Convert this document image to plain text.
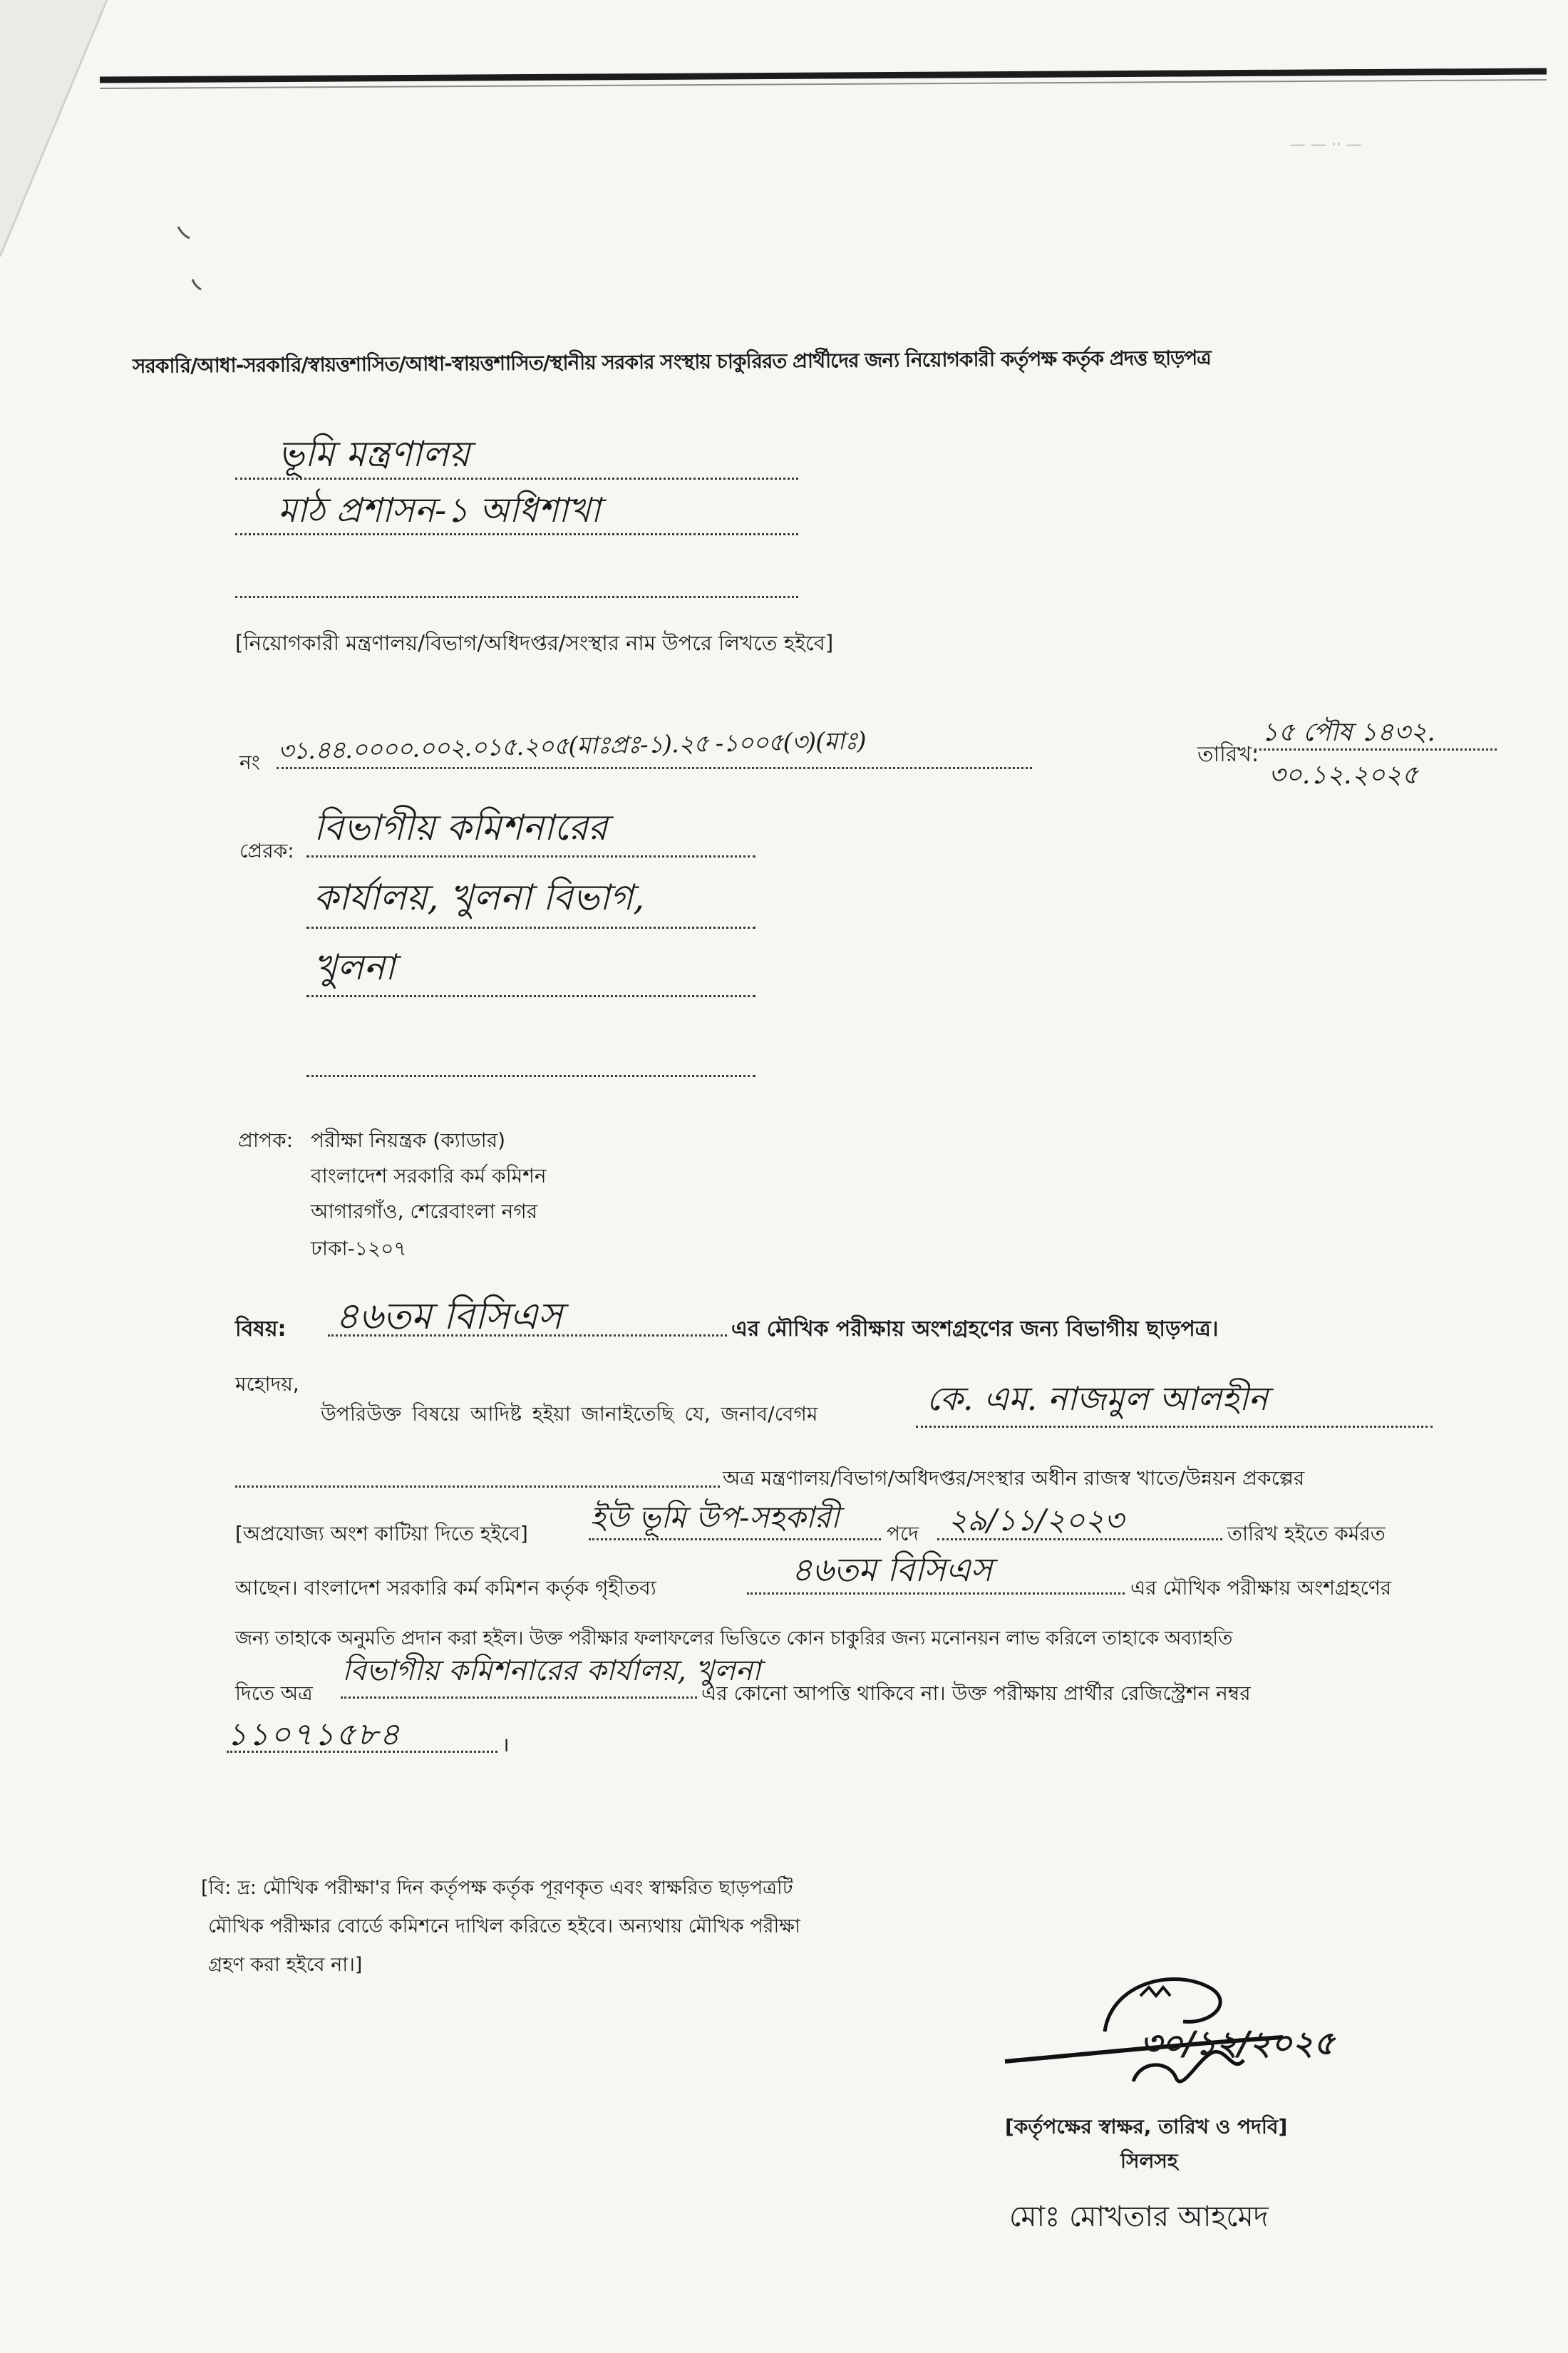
— — ·· —
সরকারি/আধা-সরকারি/স্বায়ত্তশাসিত/আধা-স্বায়ত্তশাসিত/স্থানীয় সরকার সংস্থায় চাকুরিরত প্রার্থীদের জন্য নিয়োগকারী কর্তৃপক্ষ কর্তৃক প্রদত্ত ছাড়পত্র
ভূমি মন্ত্রণালয়
মাঠ প্রশাসন-১ অধিশাখা
[নিয়োগকারী মন্ত্রণালয়/বিভাগ/অধিদপ্তর/সংস্থার নাম উপরে লিখতে হইবে]
নং ৩১.৪৪.০০০০.০০২.০১৫.২০৫(মাঃপ্রঃ-১).২৫ -১০০৫(৩)(মাঃ)	তারিখ:
১৫ পৌষ ১৪৩২.
৩০.১২.২০২৫
প্রেরক:
বিভাগীয় কমিশনারের
কার্যালয়, খুলনা বিভাগ,
খুলনা
প্রাপক: পরীক্ষা নিয়ন্ত্রক (ক্যাডার)
বাংলাদেশ সরকারি কর্ম কমিশন
আগারগাঁও, শেরেবাংলা নগর
ঢাকা-১২০৭
বিষয়: ৪৬তম বিসিএস	এর মৌখিক পরীক্ষায় অংশগ্রহণের জন্য বিভাগীয় ছাড়পত্র।
মহোদয়,
উপরিউক্ত বিষয়ে আদিষ্ট হইয়া জানাইতেছি যে, জনাব/বেগম	কে. এম. নাজমুল আলহীন
অত্র মন্ত্রণালয়/বিভাগ/অধিদপ্তর/সংস্থার অধীন রাজস্ব খাতে/উন্নয়ন প্রকল্পের
[অপ্রযোজ্য অংশ কাটিয়া দিতে হইবে] ইউ ভূমি উপ-সহকারী পদে ২৯/১১/২০২৩	তারিখ হইতে কর্মরত
আছেন। বাংলাদেশ সরকারি কর্ম কমিশন কর্তৃক গৃহীতব্য	৪৬তম বিসিএস	এর মৌখিক পরীক্ষায় অংশগ্রহণের
জন্য তাহাকে অনুমতি প্রদান করা হইল। উক্ত পরীক্ষার ফলাফলের ভিত্তিতে কোন চাকুরির জন্য মনোনয়ন লাভ করিলে তাহাকে অব্যাহতি
দিতে অত্র
বিভাগীয় কমিশনারের কার্যালয়, খুলনা
এর কোনো আপত্তি থাকিবে না। উক্ত পরীক্ষায় প্রার্থীর রেজিস্ট্রেশন নম্বর
১১০৭১৫৮৪	।
[বি: দ্র: মৌখিক পরীক্ষা'র দিন কর্তৃপক্ষ কর্তৃক পূরণকৃত এবং স্বাক্ষরিত ছাড়পত্রটি
মৌখিক পরীক্ষার বোর্ডে কমিশনে দাখিল করিতে হইবে। অন্যথায় মৌখিক পরীক্ষা
গ্রহণ করা হইবে না।]
৩০/১২/২০২৫
[কর্তৃপক্ষের স্বাক্ষর, তারিখ ও পদবি]
সিলসহ
মোঃ মোখতার আহমেদ
